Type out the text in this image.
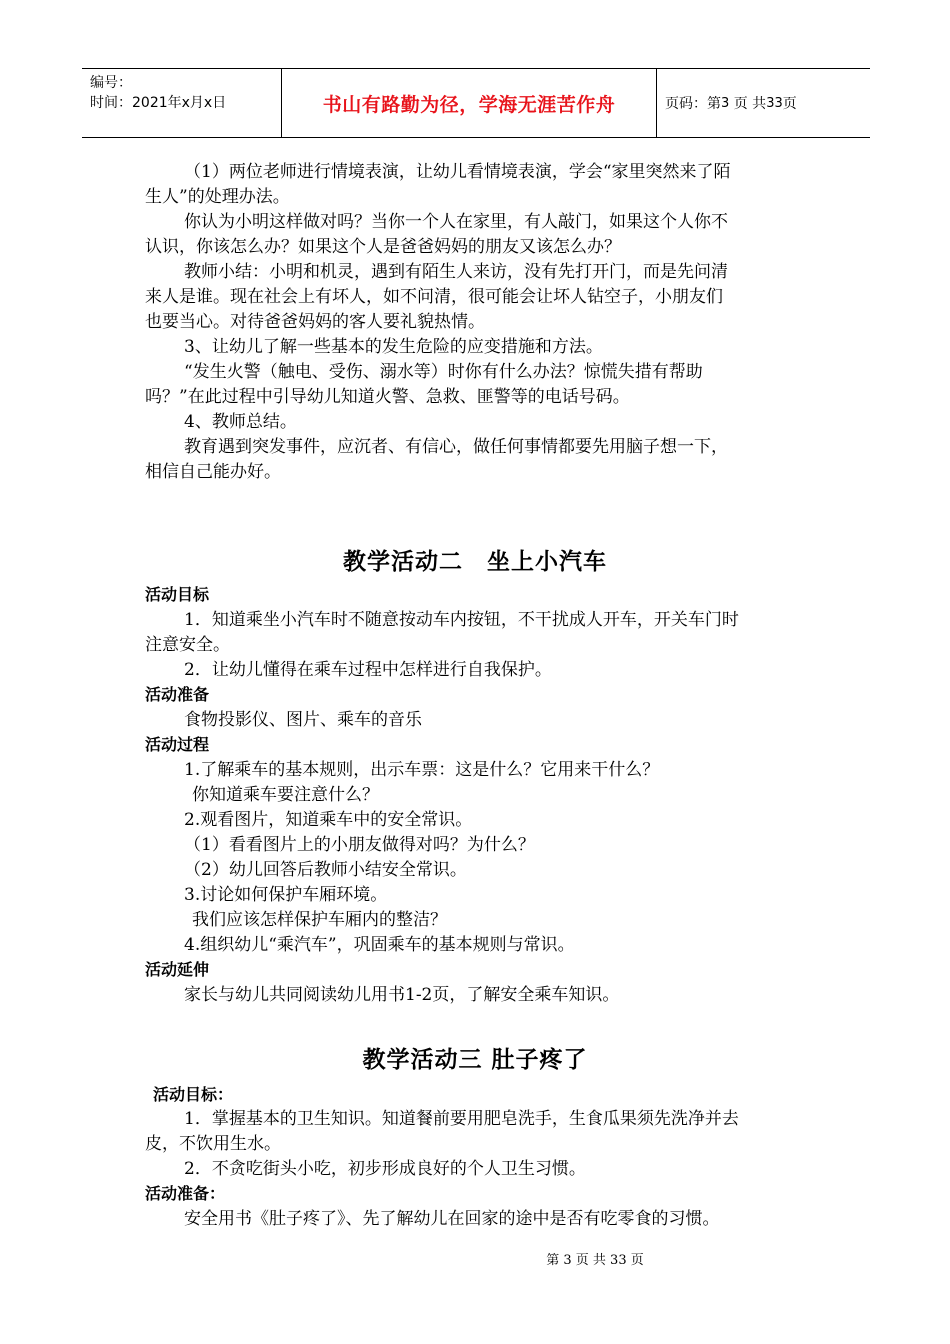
编号：
时间：2021年x月x日	书山有路勤为径，学海无涯苦作舟	页码：第 3
页 共 33 页
（1）两位老师进行情境表演，让幼儿看情境表演，学会“家里突然来了陌
生人”的处理办法。
你认为小明这样做对吗？当你一个人在家里，有人敲门，如果这个人你不
认识，你该怎么办？如果这个人是爸爸妈妈的朋友又该怎么办？
教师小结：小明和机灵，遇到有陌生人来访，没有先打开门，而是先问清
来人是谁。现在社会上有坏人，如不问清，很可能会让坏人钻空子，小朋友们
也要当心。对待爸爸妈妈的客人要礼貌热情。
3、让幼儿了解一些基本的发生危险的应变措施和方法。
“发生火警（触电、受伤、溺水等）时你有什么办法？惊慌失措有帮助
吗？”在此过程中引导幼儿知道火警、急救、匪警等的电话号码。
4、教师总结。
教育遇到突发事件，应沉者、有信心，做任何事情都要先用脑子想一下，
相信自己能办好。
教学活动二　坐上小汽车
活动目标
1．知道乘坐小汽车时不随意按动车内按钮，不干扰成人开车，开关车门时
注意安全。
2．让幼儿懂得在乘车过程中怎样进行自我保护。
活动准备
食物投影仪、图片、乘车的音乐
活动过程
1.了解乘车的基本规则，出示车票：这是什么？它用来干什么？
你知道乘车要注意什么？
2.观看图片，知道乘车中的安全常识。
（1）看看图片上的小朋友做得对吗？为什么？
（2）幼儿回答后教师小结安全常识。
3.讨论如何保护车厢环境。
我们应该怎样保护车厢内的整洁？
4.组织幼儿“乘汽车”，巩固乘车的基本规则与常识。
活动延伸
家长与幼儿共同阅读幼儿用书1-2页，了解安全乘车知识。
教学活动三 肚子疼了
活动目标：
1．掌握基本的卫生知识。知道餐前要用肥皂洗手，生食瓜果须先洗净并去
皮，不饮用生水。
2．不贪吃街头小吃，初步形成良好的个人卫生习惯。
活动准备：
安全用书《肚子疼了》、先了解幼儿在回家的途中是否有吃零食的习惯。
第 3 页 共 33 页
